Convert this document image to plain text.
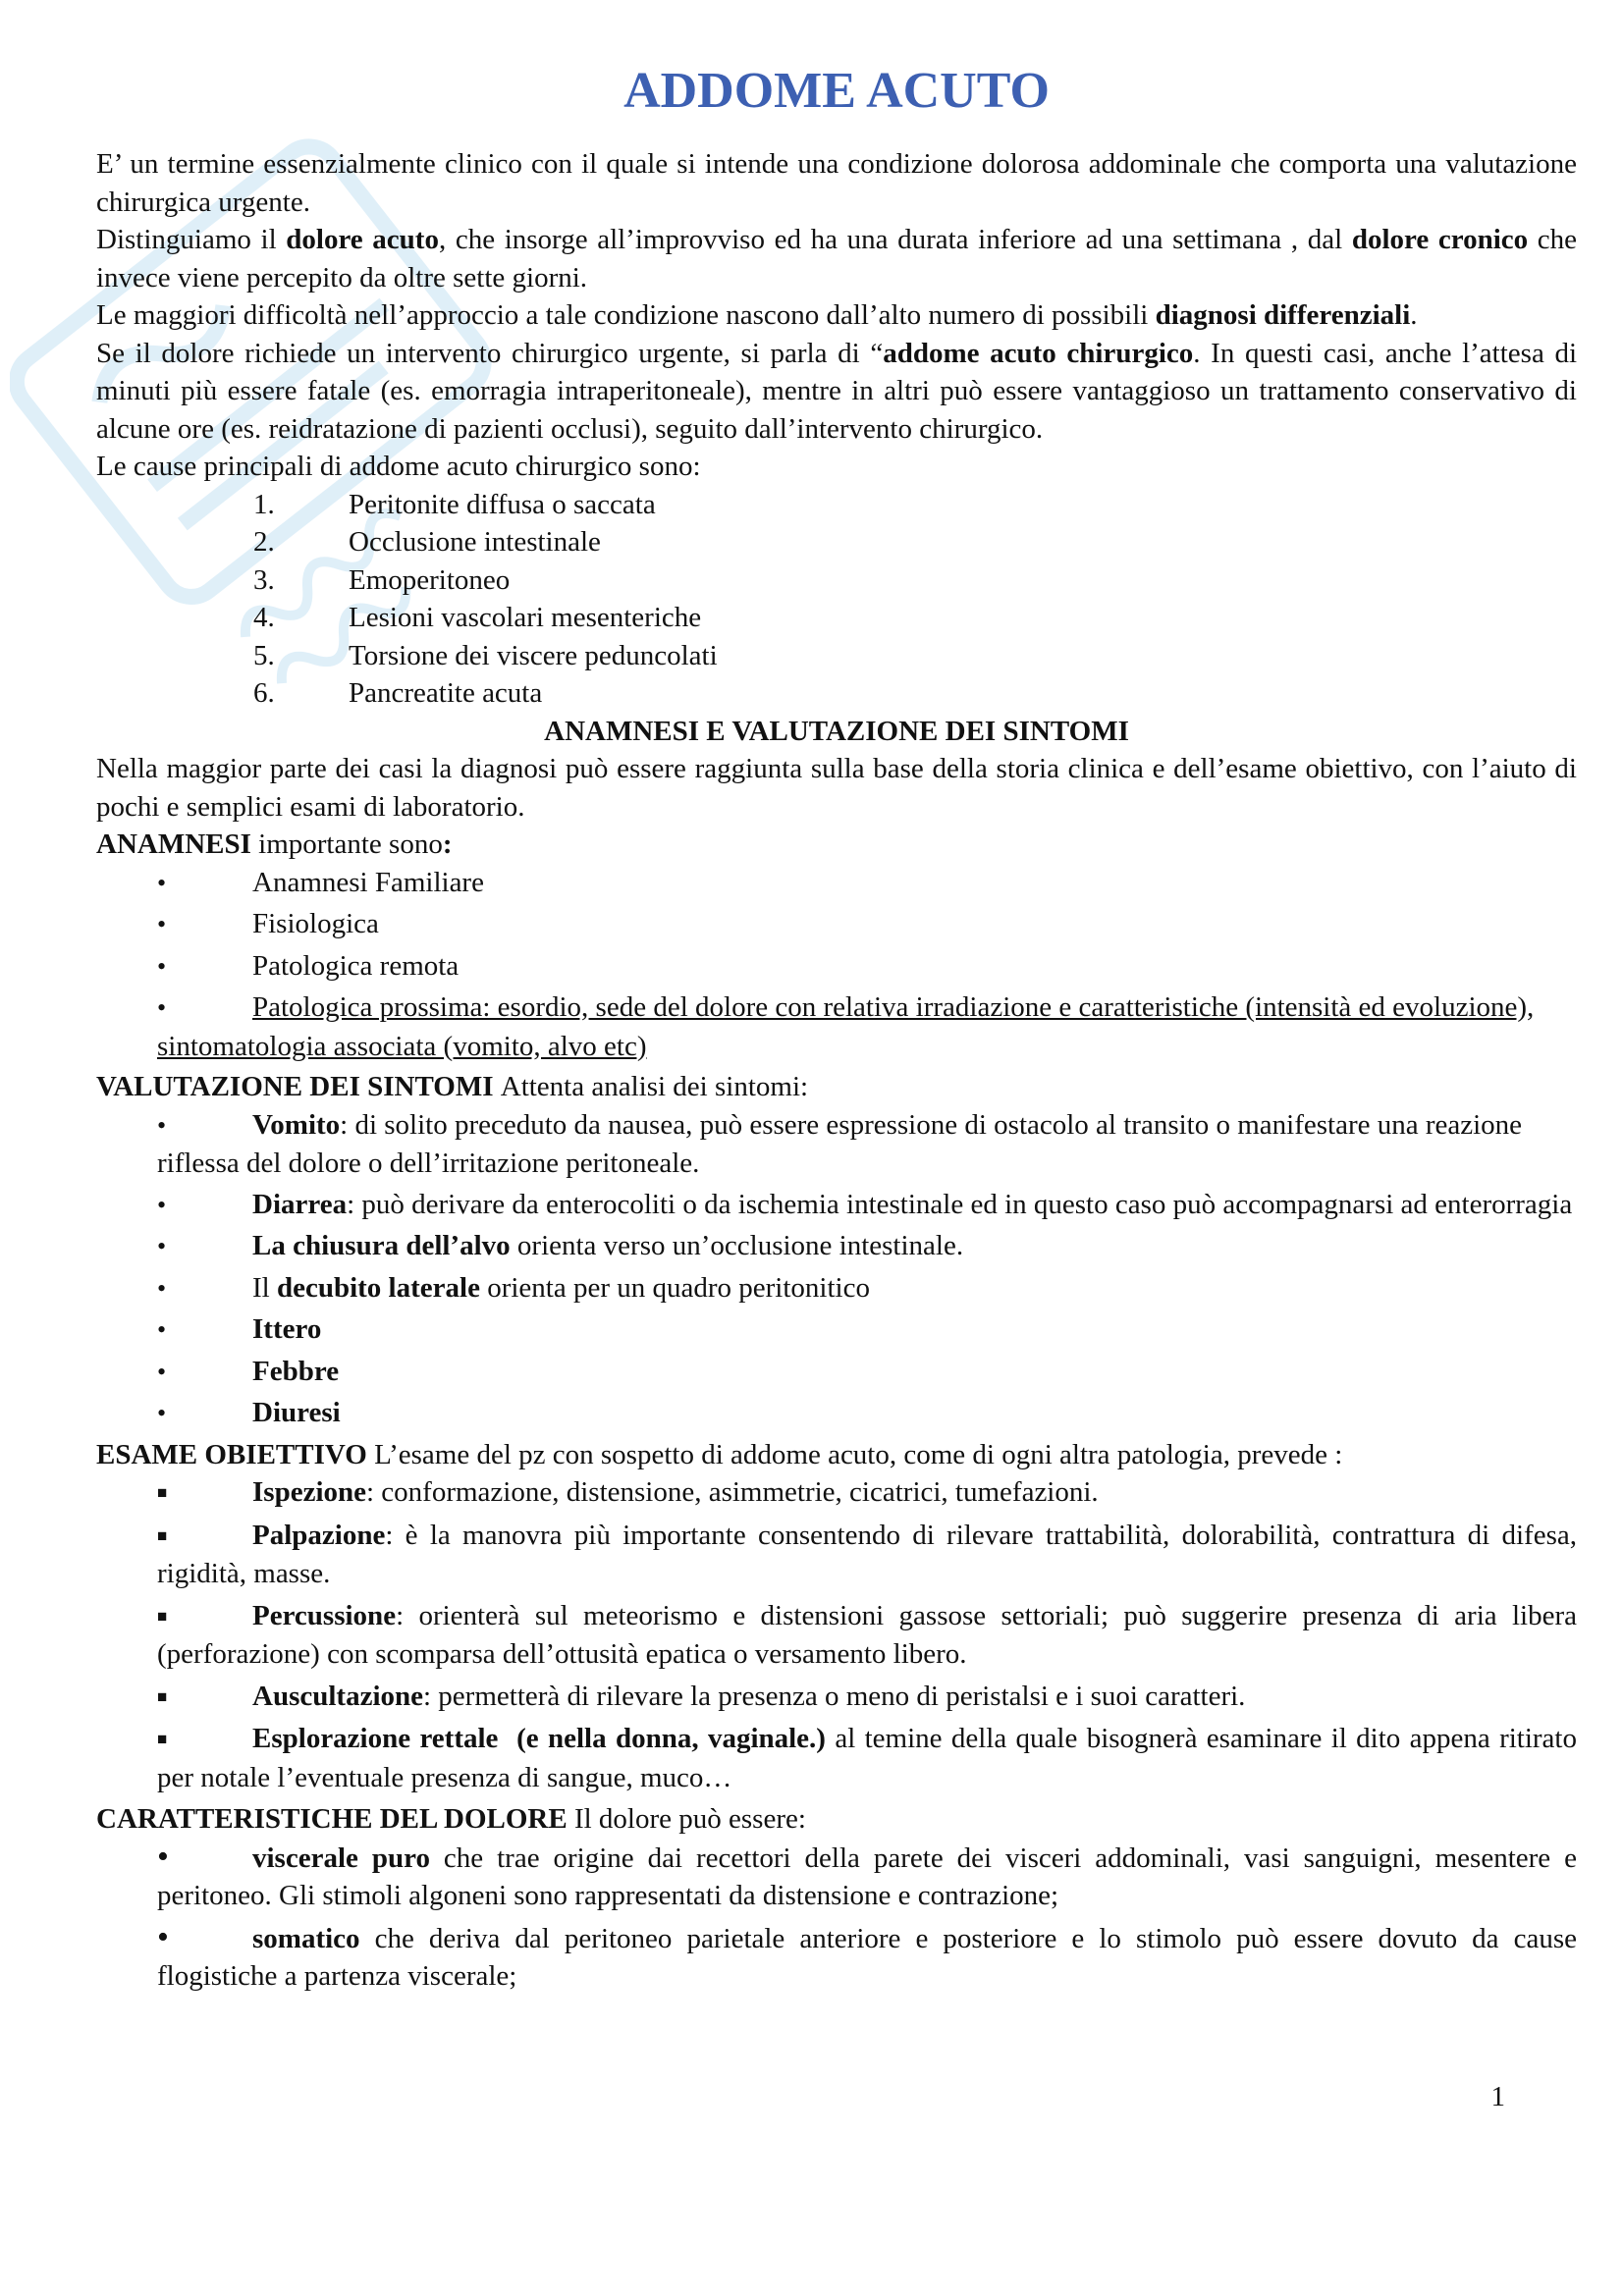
ADDOME ACUTO

E’ un termine essenzialmente clinico con il quale si intende una condizione dolorosa addominale che comporta una valutazione chirurgica urgente.

Distinguiamo il dolore acuto, che insorge all’improvviso ed ha una durata inferiore ad una settimana , dal dolore cronico che invece viene percepito da oltre sette giorni.

Le maggiori difficoltà nell’approccio a tale condizione nascono dall’alto numero di possibili diagnosi differenziali.

Se il dolore richiede un intervento chirurgico urgente, si parla di “addome acuto chirurgico. In questi casi, anche l’attesa di minuti più essere fatale (es. emorragia intraperitoneale), mentre in altri può essere vantaggioso un trattamento conservativo di alcune ore (es. reidratazione di pazienti occlusi), seguito dall’intervento chirurgico.

Le cause principali di addome acuto chirurgico sono:

1.	Peritonite diffusa o saccata
2.	Occlusione intestinale
3.	Emoperitoneo
4.	Lesioni vascolari mesenteriche
5.	Torsione dei viscere peduncolati
6.	Pancreatite acuta

ANAMNESI E VALUTAZIONE DEI SINTOMI

Nella maggior parte dei casi la diagnosi può essere raggiunta sulla base della storia clinica e dell’esame obiettivo, con l’aiuto di pochi e semplici esami di laboratorio.

ANAMNESI importante sono:

•	Anamnesi Familiare
•	Fisiologica
•	Patologica remota
•	Patologica prossima: esordio, sede del dolore con relativa irradiazione e caratteristiche (intensità ed evoluzione), sintomatologia associata (vomito, alvo etc)

VALUTAZIONE DEI SINTOMI Attenta analisi dei sintomi:

•	Vomito: di solito preceduto da nausea, può essere espressione di ostacolo al transito o manifestare una reazione riflessa del dolore o dell’irritazione peritoneale.
•	Diarrea: può derivare da enterocoliti o da ischemia intestinale ed in questo caso può accompagnarsi ad enterorragia
•	La chiusura dell’alvo orienta verso un’occlusione intestinale.
•	Il decubito laterale orienta per un quadro peritonitico
•	Ittero
•	Febbre
•	Diuresi

ESAME OBIETTIVO L’esame del pz con sospetto di addome acuto, come di ogni altra patologia, prevede :

■	Ispezione: conformazione, distensione, asimmetrie, cicatrici, tumefazioni.
■	Palpazione: è la manovra più importante consentendo di rilevare trattabilità, dolorabilità, contrattura di difesa, rigidità, masse.
■	Percussione: orienterà sul meteorismo e distensioni gassose settoriali; può suggerire presenza di aria libera (perforazione) con scomparsa dell’ottusità epatica o versamento libero.
■	Auscultazione: permetterà di rilevare la presenza o meno di peristalsi e i suoi caratteri.
■	Esplorazione rettale  (e nella donna, vaginale.) al temine della quale bisognerà esaminare il dito appena ritirato per notale l’eventuale presenza di sangue, muco…

CARATTERISTICHE DEL DOLORE Il dolore può essere:

•	viscerale puro che trae origine dai recettori della parete dei visceri addominali, vasi sanguigni, mesentere e peritoneo. Gli stimoli algoneni sono rappresentati da distensione e contrazione;
•	somatico che deriva dal peritoneo parietale anteriore e posteriore e lo stimolo può essere dovuto da cause flogistiche a partenza viscerale;
1
